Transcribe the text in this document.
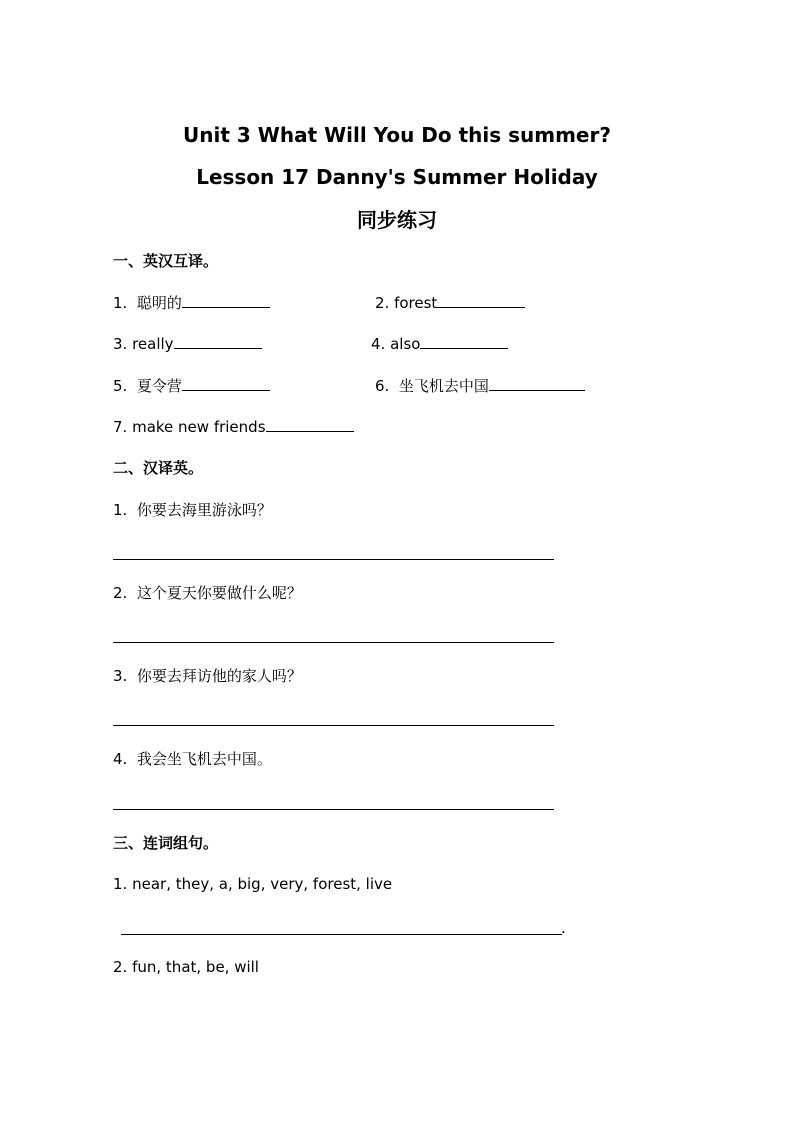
Unit 3 What Will You Do this summer?
Lesson 17 Danny's Summer Holiday
同步练习
一、英汉互译。
1. 聪明的	2. forest
3. really	4. also
5. 夏令营	6. 坐飞机去中国
7. make new friends
二、汉译英。
1. 你要去海里游泳吗？
2. 这个夏天你要做什么呢？
3. 你要去拜访他的家人吗？
4. 我会坐飞机去中国。
三、连词组句。
1. near, they, a, big, very, forest, live
.
2. fun, that, be, will
